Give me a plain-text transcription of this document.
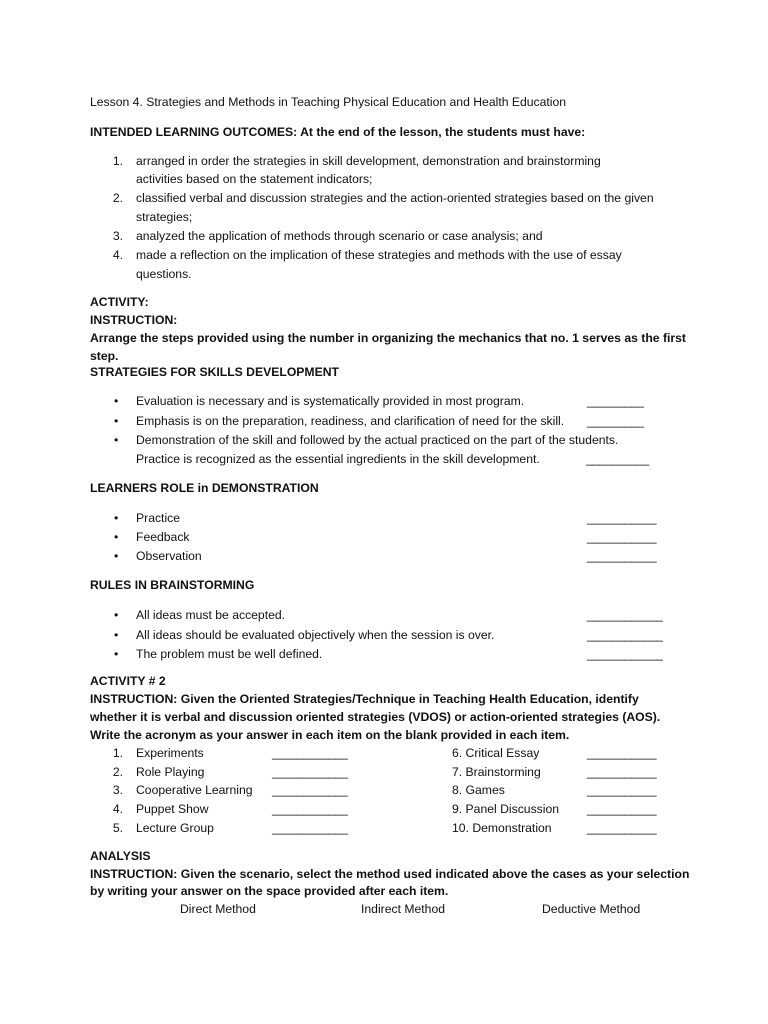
Lesson 4. Strategies and Methods in Teaching Physical Education and Health Education
INTENDED LEARNING OUTCOMES: At the end of the lesson, the students must have:
1. arranged in order the strategies in skill development, demonstration and brainstorming
activities based on the statement indicators;
2. classified verbal and discussion strategies and the action-oriented strategies based on the given
strategies;
3. analyzed the application of methods through scenario or case analysis; and
4. made a reflection on the implication of these strategies and methods with the use of essay
questions.
ACTIVITY:
INSTRUCTION:
Arrange the steps provided using the number in organizing the mechanics that no. 1 serves as the first
step.
STRATEGIES FOR SKILLS DEVELOPMENT
• Evaluation is necessary and is systematically provided in most program.	_________
• Emphasis is on the preparation, readiness, and clarification of need for the skill. _________
• Demonstration of the skill and followed by the actual practiced on the part of the students.
Practice is recognized as the essential ingredients in the skill development.	__________
LEARNERS ROLE in DEMONSTRATION
• Practice	___________
• Feedback	___________
• Observation	___________
RULES IN BRAINSTORMING
• All ideas must be accepted.	____________
• All ideas should be evaluated objectively when the session is over.	____________
• The problem must be well defined.	____________
ACTIVITY # 2
INSTRUCTION: Given the Oriented Strategies/Technique in Teaching Health Education, identify
whether it is verbal and discussion oriented strategies (VDOS) or action-oriented strategies (AOS).
Write the acronym as your answer in each item on the blank provided in each item.
1. Experiments	____________
2. Role Playing	____________
3. Cooperative Learning ____________
4. Puppet Show	____________
5. Lecture Group	____________
6. Critical Essay	___________
7. Brainstorming	___________
8. Games	___________
9. Panel Discussion ___________
10. Demonstration	___________
ANALYSIS
INSTRUCTION: Given the scenario, select the method used indicated above the cases as your selection
by writing your answer on the space provided after each item.
Direct Method	Indirect Method	Deductive Method
